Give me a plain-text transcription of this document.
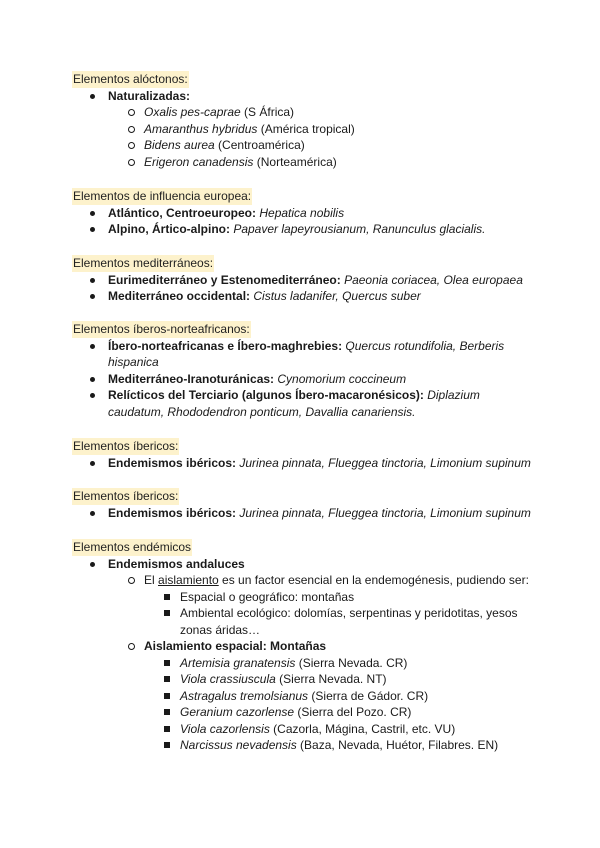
Elementos alóctonos:
Naturalizadas:
Oxalis pes-caprae (S África)
Amaranthus hybridus (América tropical)
Bidens aurea (Centroamérica)
Erigeron canadensis (Norteamérica)
Elementos de influencia europea:
Atlántico, Centroeuropeo: Hepatica nobilis
Alpino, Ártico-alpino: Papaver lapeyrousianum, Ranunculus glacialis.
Elementos mediterráneos:
Eurimediterráneo y Estenomediterráneo: Paeonia coriacea, Olea europaea
Mediterráneo occidental: Cistus ladanifer, Quercus suber
Elementos íberos-norteafricanos:
Íbero-norteafricanas e Íbero-maghrebies: Quercus rotundifolia, Berberis hispanica
Mediterráneo-Iranoturánicas: Cynomorium coccineum
Relícticos del Terciario (algunos Íbero-macaronésicos): Diplazium caudatum, Rhododendron ponticum, Davallia canariensis.
Elementos íbericos:
Endemismos ibéricos: Jurinea pinnata, Flueggea tinctoria, Limonium supinum
Elementos íbericos:
Endemismos ibéricos: Jurinea pinnata, Flueggea tinctoria, Limonium supinum
Elementos endémicos
Endemismos andaluces
El aislamiento es un factor esencial en la endemogénesis, pudiendo ser:
Espacial o geográfico: montañas
Ambiental ecológico: dolomías, serpentinas y peridotitas, yesos zonas áridas…
Aislamiento espacial: Montañas
Artemisia granatensis (Sierra Nevada. CR)
Viola crassiuscula (Sierra Nevada. NT)
Astragalus tremolsianus (Sierra de Gádor. CR)
Geranium cazorlense (Sierra del Pozo. CR)
Viola cazorlensis (Cazorla, Mágina, Castril, etc. VU)
Narcissus nevadensis (Baza, Nevada, Huétor, Filabres. EN)
